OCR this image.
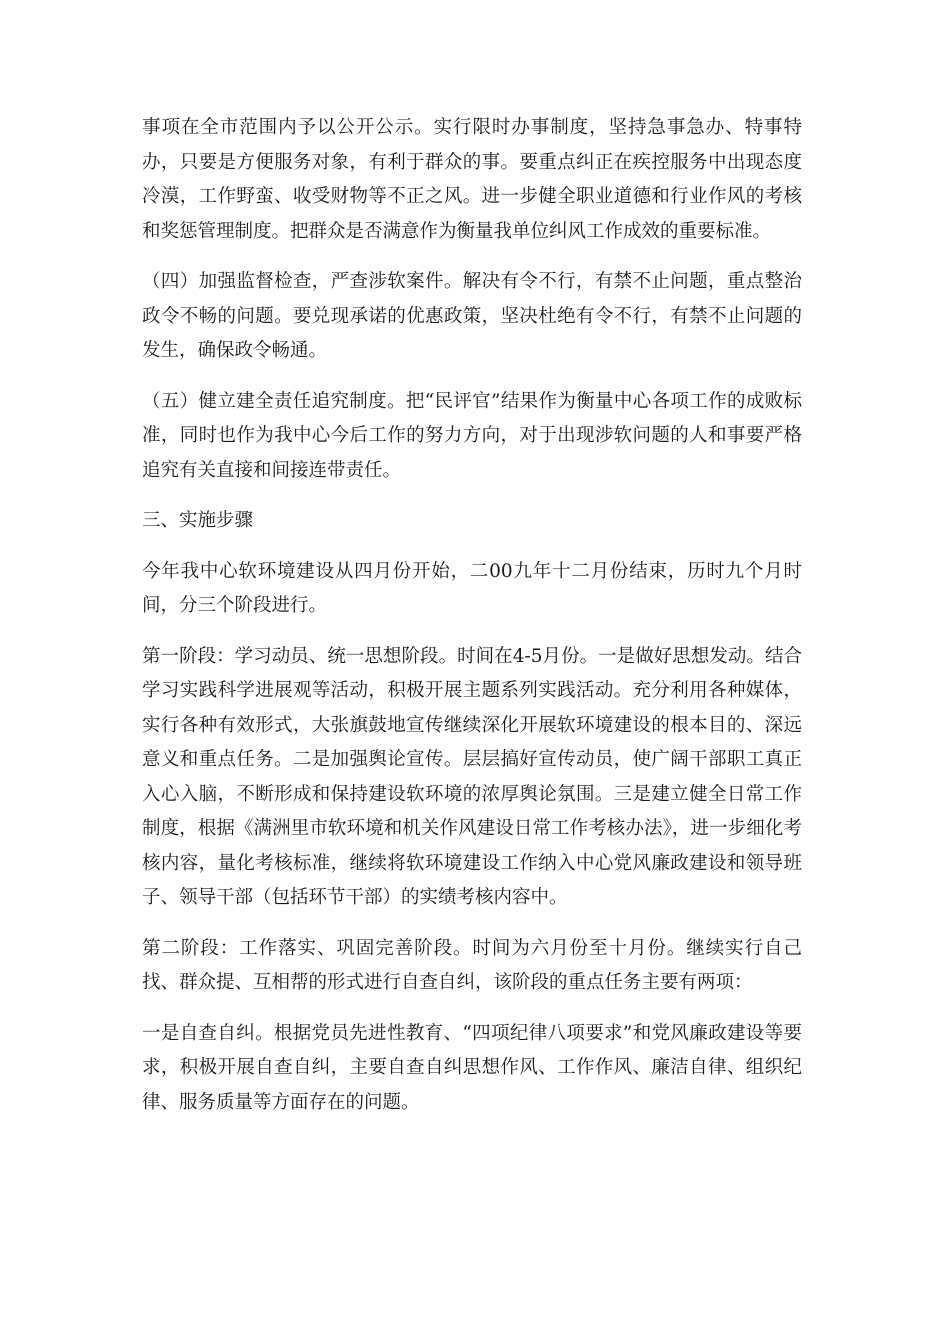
事项在全市范围内予以公开公示。实行限时办事制度，坚持急事急办、特事特办，只要是方便服务对象，有利于群众的事。要重点纠正在疾控服务中出现态度冷漠，工作野蛮、收受财物等不正之风。进一步健全职业道德和行业作风的考核和奖惩管理制度。把群众是否满意作为衡量我单位纠风工作成效的重要标准。

（四）加强监督检查，严查涉软案件。解决有令不行，有禁不止问题，重点整治政令不畅的问题。要兑现承诺的优惠政策，坚决杜绝有令不行，有禁不止问题的发生，确保政令畅通。

（五）健立建全责任追究制度。把“民评官”结果作为衡量中心各项工作的成败标准，同时也作为我中心今后工作的努力方向，对于出现涉软问题的人和事要严格追究有关直接和间接连带责任。

三、实施步骤

今年我中心软环境建设从四月份开始，二00九年十二月份结束，历时九个月时间，分三个阶段进行。

第一阶段：学习动员、统一思想阶段。时间在4-5月份。一是做好思想发动。结合学习实践科学进展观等活动，积极开展主题系列实践活动。充分利用各种媒体，实行各种有效形式，大张旗鼓地宣传继续深化开展软环境建设的根本目的、深远意义和重点任务。二是加强舆论宣传。层层搞好宣传动员，使广阔干部职工真正入心入脑，不断形成和保持建设软环境的浓厚舆论氛围。三是建立健全日常工作制度，根据《满洲里市软环境和机关作风建设日常工作考核办法》，进一步细化考核内容，量化考核标准，继续将软环境建设工作纳入中心党风廉政建设和领导班子、领导干部（包括环节干部）的实绩考核内容中。

第二阶段：工作落实、巩固完善阶段。时间为六月份至十月份。继续实行自己找、群众提、互相帮的形式进行自查自纠，该阶段的重点任务主要有两项：

一是自查自纠。根据党员先进性教育、“四项纪律八项要求”和党风廉政建设等要求，积极开展自查自纠，主要自查自纠思想作风、工作作风、廉洁自律、组织纪律、服务质量等方面存在的问题。
